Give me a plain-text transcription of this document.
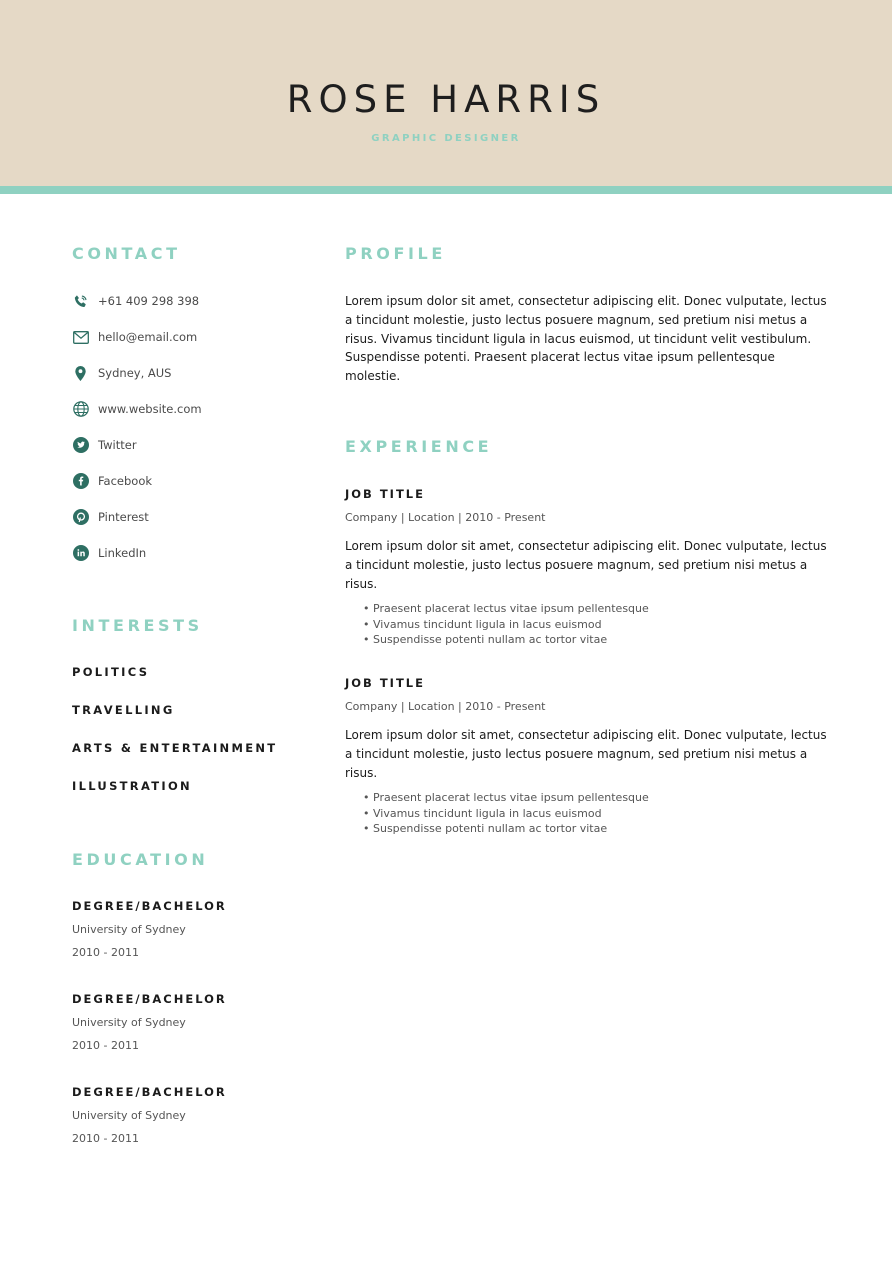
ROSE HARRIS
GRAPHIC DESIGNER
CONTACT
+61 409 298 398
hello@email.com
Sydney, AUS
www.website.com
Twitter
Facebook
Pinterest
LinkedIn
INTERESTS
POLITICS
TRAVELLING
ARTS & ENTERTAINMENT
ILLUSTRATION
EDUCATION
DEGREE/BACHELOR
University of Sydney
2010 - 2011
DEGREE/BACHELOR
University of Sydney
2010 - 2011
DEGREE/BACHELOR
University of Sydney
2010 - 2011
PROFILE

Lorem ipsum dolor sit amet, consectetur adipiscing elit. Donec vulputate, lectus a tincidunt molestie, justo lectus posuere magnum, sed pretium nisi metus a risus. Vivamus tincidunt ligula in lacus euismod, ut tincidunt velit vestibulum. Suspendisse potenti. Praesent placerat lectus vitae ipsum pellentesque molestie.

EXPERIENCE
JOB TITLE
Company | Location | 2010 - Present

Lorem ipsum dolor sit amet, consectetur adipiscing elit. Donec vulputate, lectus a tincidunt molestie, justo lectus posuere magnum, sed pretium nisi metus a risus.

• Praesent placerat lectus vitae ipsum pellentesque
• Vivamus tincidunt ligula in lacus euismod
• Suspendisse potenti nullam ac tortor vitae
JOB TITLE
Company | Location | 2010 - Present

Lorem ipsum dolor sit amet, consectetur adipiscing elit. Donec vulputate, lectus a tincidunt molestie, justo lectus posuere magnum, sed pretium nisi metus a risus.

• Praesent placerat lectus vitae ipsum pellentesque
• Vivamus tincidunt ligula in lacus euismod
• Suspendisse potenti nullam ac tortor vitae
